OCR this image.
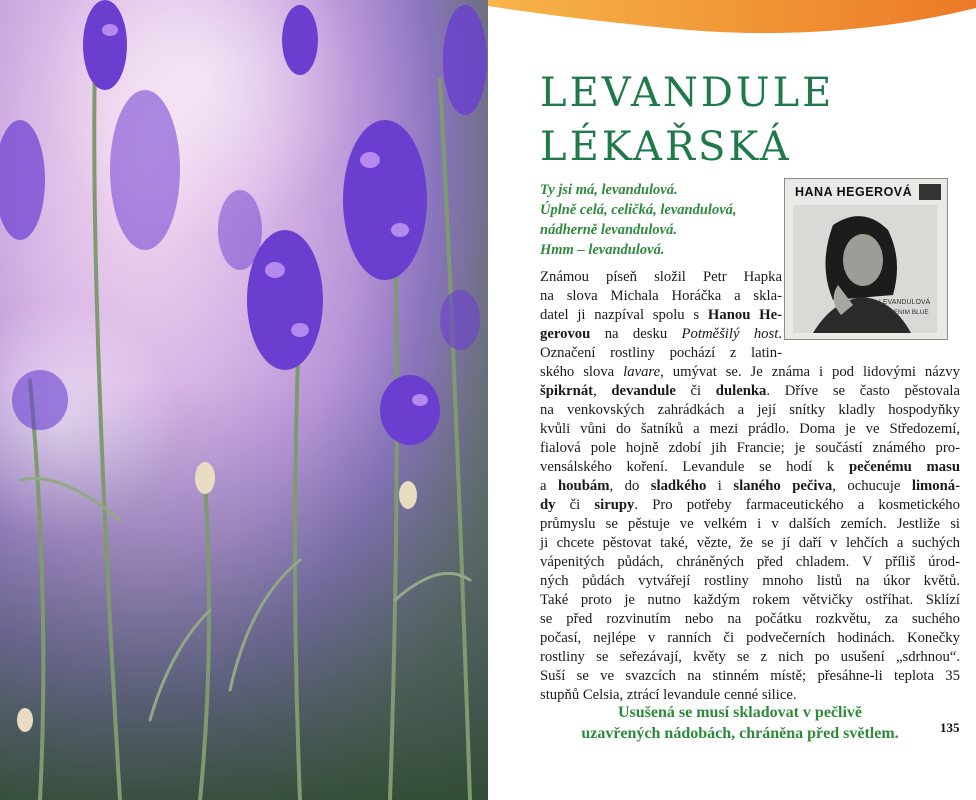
LEVANDULE
LÉKAŘSKÁ
Ty jsi má, levandulová.
Úplně celá, celičká, levandulová,
nádherně levandulová.
Hmm – levandulová.
HANA HEGEROVÁ
LEVANDULOVÁ
DENIM BLUE
Známou píseň složil Petr Hapka
na slova Michala Horáčka a skla-
datel ji nazpíval spolu s Hanou He-
gerovou na desku Potměšilý host.
Označení rostliny pochází z latin-
ského slova lavare, umývat se. Je známa i pod lidovými názvy
špikrnát, devandule či dulenka. Dříve se často pěstovala
na venkovských zahrádkách a její snítky kladly hospodyňky
kvůli vůni do šatníků a mezi prádlo. Doma je ve Středozemí,
fialová pole hojně zdobí jih Francie; je součástí známého pro-
vensálského koření. Levandule se hodí k pečenému masu
a houbám, do sladkého i slaného pečiva, ochucuje limoná-
dy či sirupy. Pro potřeby farmaceutického a kosmetického
průmyslu se pěstuje ve velkém i v dalších zemích. Jestliže si
ji chcete pěstovat také, vězte, že se jí daří v lehčích a suchých
vápenitých půdách, chráněných před chladem. V příliš úrod-
ných půdách vytvářejí rostliny mnoho listů na úkor květů.
Také proto je nutno každým rokem větvičky ostříhat. Sklízí
se před rozvinutím nebo na počátku rozkvětu, za suchého
počasí, nejlépe v ranních či podvečerních hodinách. Konečky
rostliny se seřezávají, květy se z nich po usušení „sdrhnou“.
Suší se ve svazcích na stinném místě; přesáhne-li teplota 35
stupňů Celsia, ztrácí levandule cenné silice.
Usušená se musí skladovat v pečlivě
uzavřených nádobách, chráněna před světlem.	135
